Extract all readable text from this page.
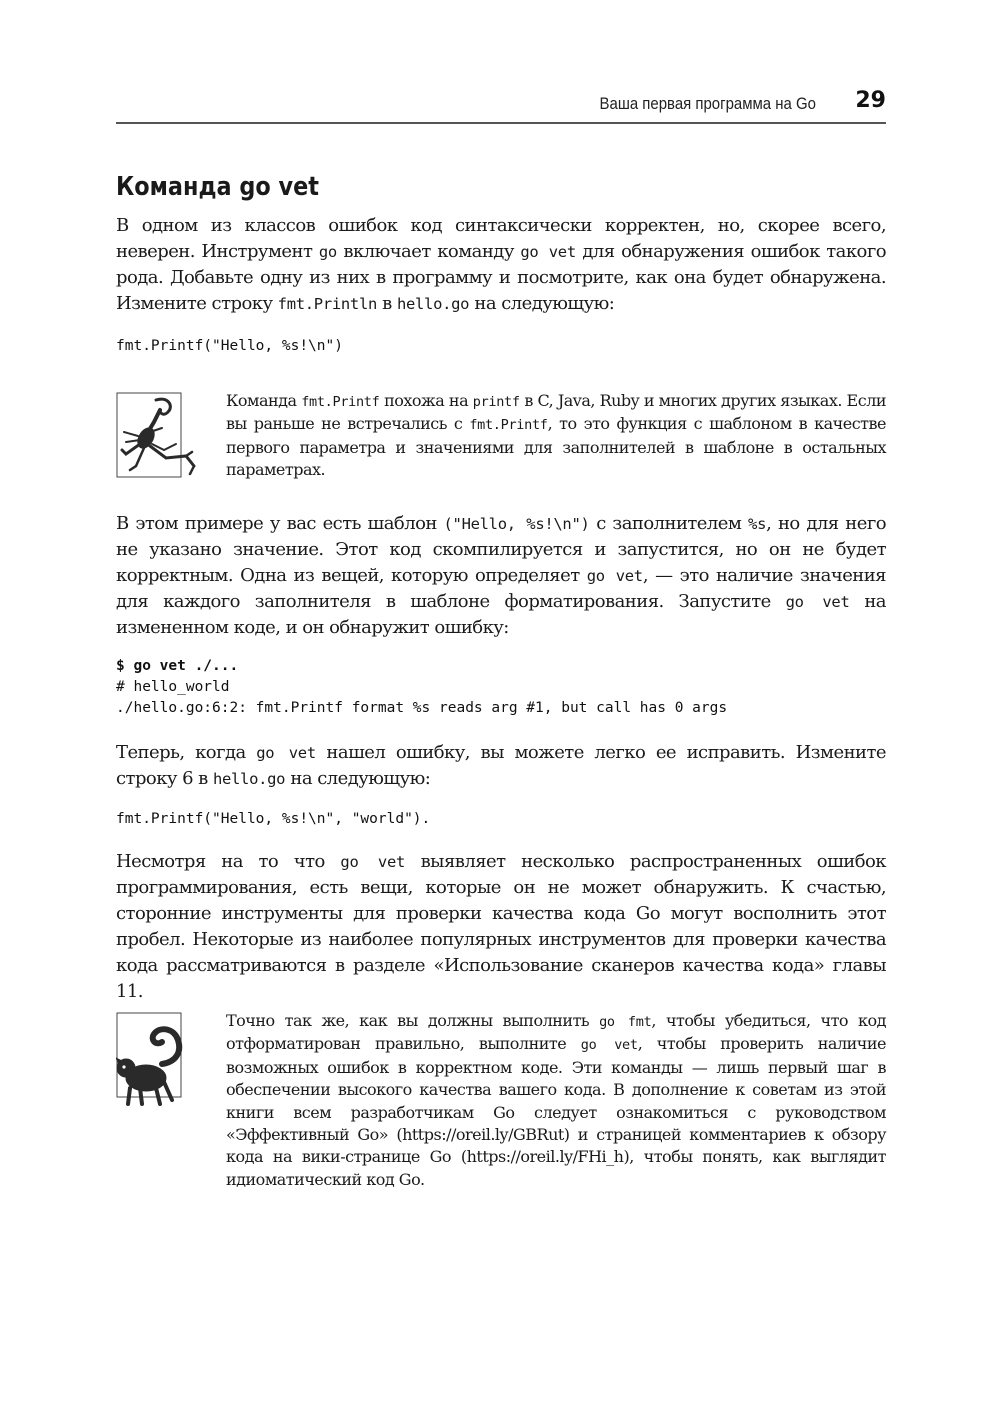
Ваша первая программа на Go 29
Команда go vet

В одном из классов ошибок код синтаксически корректен, но, скорее всего, неверен. Инструмент go включает команду go vet для обнаружения ошибок такого рода. Добавьте одну из них в программу и посмотрите, как она будет обнаружена. Измените строку fmt.Println в hello.go на следующую:

fmt.Printf("Hello, %s!\n")

Команда fmt.Printf похожа на printf в C, Java, Ruby и многих других языках. Если вы раньше не встречались с fmt.Printf, то это функция с шаблоном в качестве первого параметра и значениями для заполнителей в шаблоне в остальных параметрах.

В этом примере у вас есть шаблон ("Hello, %s!\n") с заполнителем %s, но для него не указано значение. Этот код скомпилируется и запустится, но он не будет корректным. Одна из вещей, которую определяет go vet, — это наличие значения для каждого заполнителя в шаблоне форматирования. Запустите go vet на измененном коде, и он обнаружит ошибку:

$ go vet ./...
# hello_world
./hello.go:6:2: fmt.Printf format %s reads arg #1, but call has 0 args

Теперь, когда go vet нашел ошибку, вы можете легко ее исправить. Измените строку 6 в hello.go на следующую:

fmt.Printf("Hello, %s!\n", "world").

Несмотря на то что go vet выявляет несколько распространенных ошибок программирования, есть вещи, которые он не может обнаружить. К счастью, сторонние инструменты для проверки качества кода Go могут восполнить этот пробел. Некоторые из наиболее популярных инструментов для проверки качества кода рассматриваются в разделе «Использование сканеров качества кода» главы 11.

Точно так же, как вы должны выполнить go fmt, чтобы убедиться, что код отформатирован правильно, выполните go vet, чтобы проверить наличие возможных ошибок в корректном коде. Эти команды — лишь первый шаг в обеспечении высокого качества вашего кода. В дополнение к советам из этой книги всем разработчикам Go следует ознакомиться с руководством «Эффективный Go» (https://oreil.ly/GBRut) и страницей комментариев к обзору кода на вики-странице Go (https://oreil.ly/FHi_h), чтобы понять, как выглядит идиоматический код Go.
